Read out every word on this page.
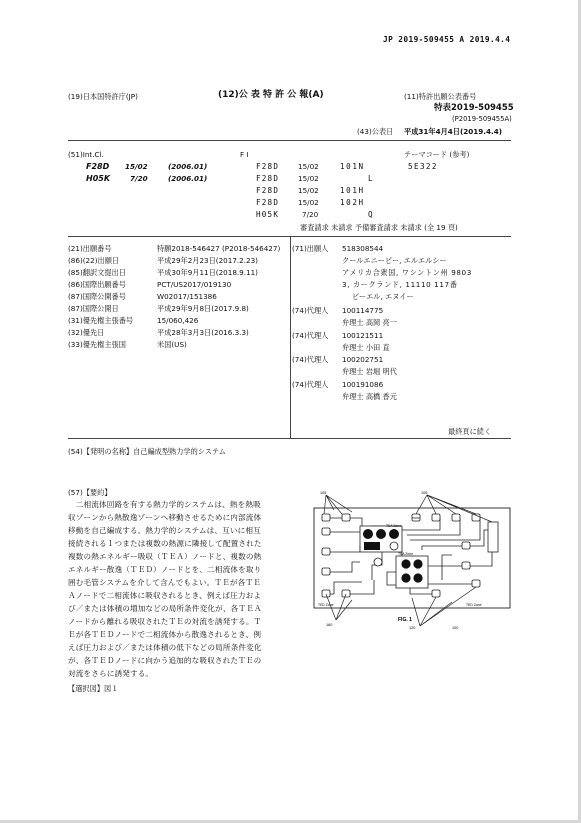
JP 2019-509455 A 2019.4.4
(19)日本国特許庁(JP)	(12)公 表 特 許 公 報(A)	(11)特許出願公表番号
特表2019-509455
(P2019-509455A)
(43)公表日 平成31年4月4日(2019.4.4)
(51)Int.Cl.	F I	テーマコード (参考)
F28D 15/02	(2006.01)
H05K	7/20	(2006.01)
F28D	15/02	101N
F28D	15/02	L
F28D	15/02	101H
F28D	15/02	102H
H05K	7/20	Q
5E322
審査請求 未請求 予備審査請求 未請求 (全 19 頁)
(21)出願番号	特願2018-546427 (P2018-546427)
(86)(22)出願日	平成29年2月23日(2017.2.23)
(85)翻訳文提出日	平成30年9月11日(2018.9.11)
(86)国際出願番号	PCT/US2017/019130
(87)国際公開番号	W02017/151386
(87)国際公開日	平成29年9月8日(2017.9.8)
(31)優先権主張番号	15/060,426
(32)優先日	平成28年3月3日(2016.3.3)
(33)優先権主張国	米国(US)
(71)出願人 518308544
クールエニーピー, エルエルシー
アメリカ合衆国, ワシントン州 9803
3, カークランド, 11110 117番
ビーエル, エヌイー
(74)代理人 100114775
弁理士 高岡 亮一
(74)代理人 100121511
弁理士 小田 直
(74)代理人 100202751
弁理士 岩堀 明代
(74)代理人 100191086
弁理士 高橋 香元
最終頁に続く
(54)【発明の名称】自己編成型熱力学的システム
(57)【要約】
　二相流体回路を有する熱力学的システムは、熱を熱吸
収ゾーンから熱散逸ゾーンへ移動させるために内部流体
移動を自己編成する。熱力学的システムは、互いに相互
接続される１つまたは複数の熱源に隣接して配置された
複数の熱エネルギー吸収（ＴＥＡ）ノードと、複数の熱
エネルギー散逸（ＴＥＤ）ノードとを、二相流体を取り
囲む毛管システムを介して含んでもよい。ＴＥが各ＴＥ
Ａノードで二相流体に吸収されるとき、例えば圧力およ
び／または体積の増加などの局所条件変化が、各ＴＥＡ
ノードから離れる吸収されたＴＥの対流を誘発する。Ｔ
Ｅが各ＴＥＤノードで二相流体から散逸されるとき、例
えば圧力および／または体積の低下などの局所条件変化
が、各ＴＥＤノードに向かう追加的な吸収されたＴＥの
対流をさらに誘発する。
【選択図】図１
TEA Zone
TEA Zone
TED Zone	TED Zone
105	105
160
120	100
FIG. 1
